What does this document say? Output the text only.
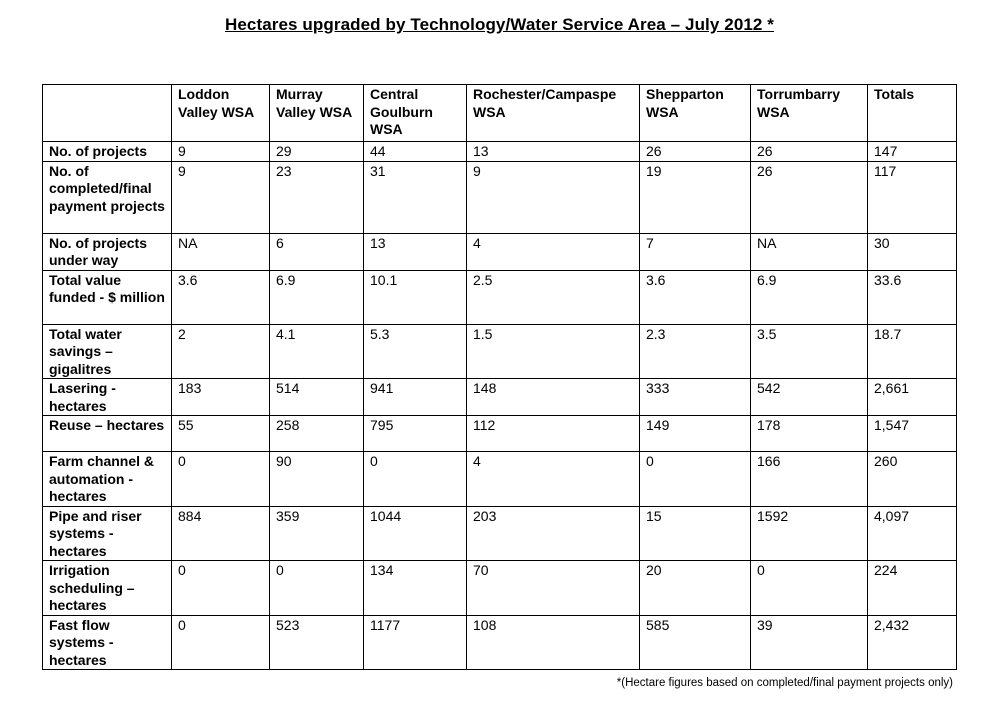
Hectares upgraded by Technology/Water Service Area – July 2012 *
	Loddon Valley WSA	Murray Valley WSA	Central Goulburn WSA	Rochester/Campaspe WSA	Shepparton WSA	Torrumbarry WSA	Totals
No. of projects	9	29	44	13	26	26	147
No. of completed/final payment projects	9	23	31	9	19	26	117
No. of projects under way	NA	6	13	4	7	NA	30
Total value funded - $ million	3.6	6.9	10.1	2.5	3.6	6.9	33.6
Total water savings – gigalitres	2	4.1	5.3	1.5	2.3	3.5	18.7
Lasering - hectares	183	514	941	148	333	542	2,661
Reuse – hectares	55	258	795	112	149	178	1,547
Farm channel & automation - hectares	0	90	0	4	0	166	260
Pipe and riser systems - hectares	884	359	1044	203	15	1592	4,097
Irrigation scheduling – hectares	0	0	134	70	20	0	224
Fast flow systems - hectares	0	523	1177	108	585	39	2,432
*(Hectare figures based on completed/final payment projects only)
